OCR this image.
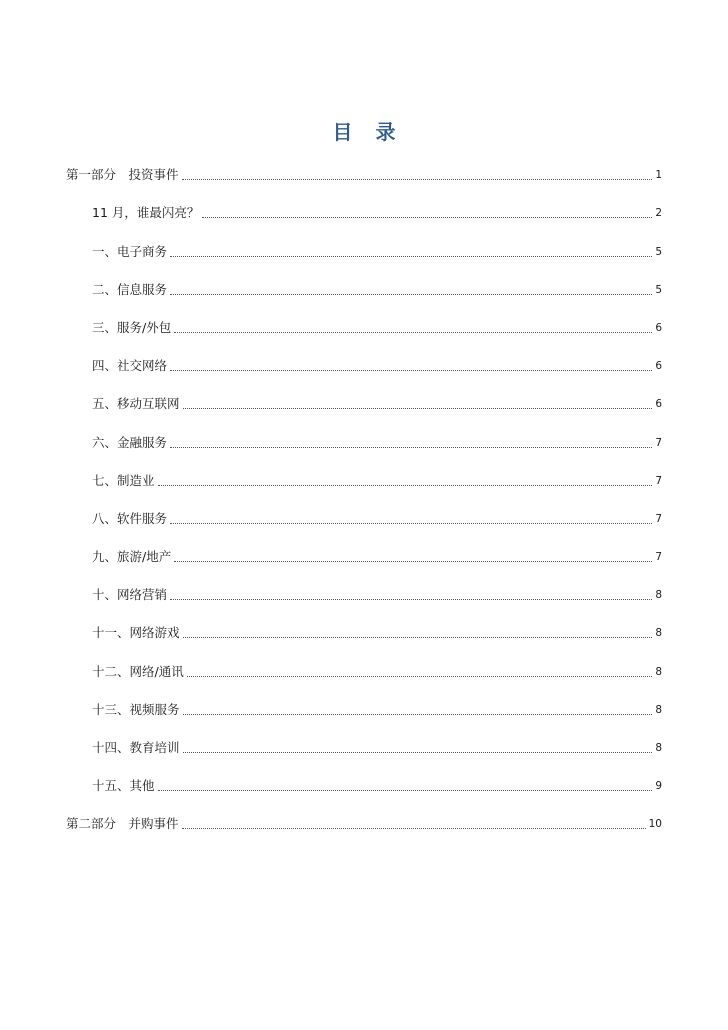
目 录
第一部分　投资事件	1
11 月，谁最闪亮？	2
一、电子商务	5
二、信息服务	5
三、服务/外包	6
四、社交网络	6
五、移动互联网	6
六、金融服务	7
七、制造业	7
八、软件服务	7
九、旅游/地产	7
十、网络营销	8
十一、网络游戏	8
十二、网络/通讯	8
十三、视频服务	8
十四、教育培训	8
十五、其他	9
第二部分　并购事件	10
